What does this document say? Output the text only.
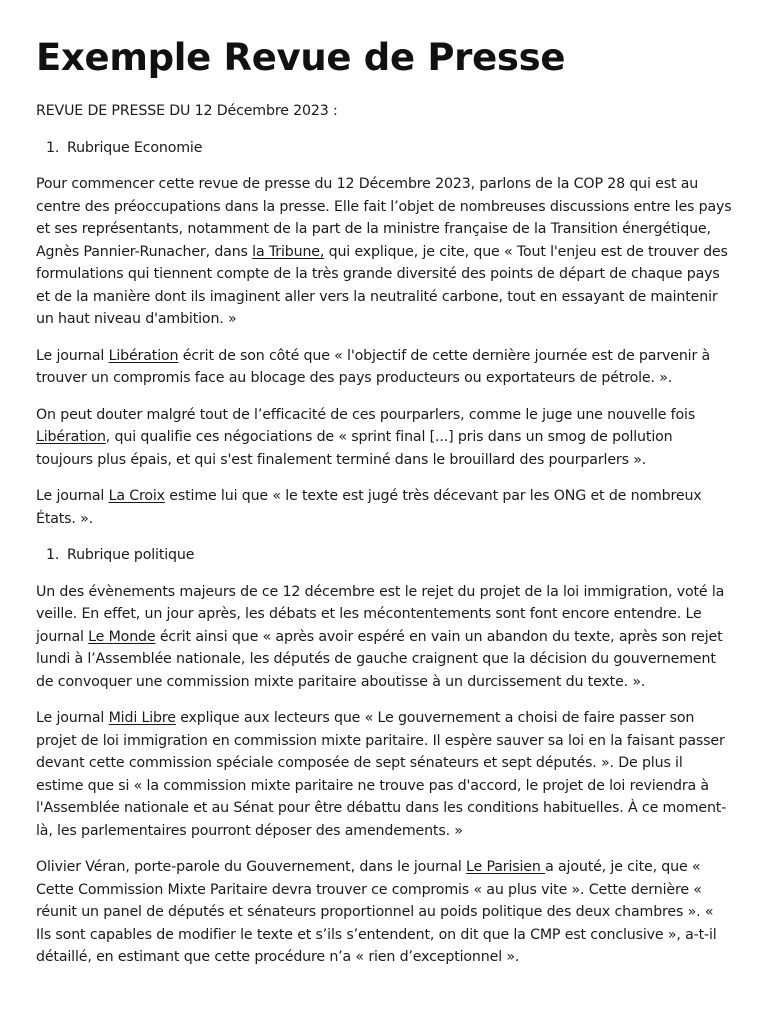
Exemple Revue de Presse

REVUE DE PRESSE DU 12 Décembre 2023 :

1. Rubrique Economie

Pour commencer cette revue de presse du 12 Décembre 2023, parlons de la COP 28 qui est au centre des préoccupations dans la presse. Elle fait l’objet de nombreuses discussions entre les pays et ses représentants, notamment de la part de la ministre française de la Transition énergétique, Agnès Pannier-Runacher, dans la Tribune, qui explique, je cite, que « Tout l'enjeu est de trouver des formulations qui tiennent compte de la très grande diversité des points de départ de chaque pays et de la manière dont ils imaginent aller vers la neutralité carbone, tout en essayant de maintenir un haut niveau d'ambition. »

Le journal Libération écrit de son côté que « l'objectif de cette dernière journée est de parvenir à trouver un compromis face au blocage des pays producteurs ou exportateurs de pétrole. ».

On peut douter malgré tout de l’efficacité de ces pourparlers, comme le juge une nouvelle fois Libération, qui qualifie ces négociations de « sprint final [...] pris dans un smog de pollution toujours plus épais, et qui s'est finalement terminé dans le brouillard des pourparlers ».

Le journal La Croix estime lui que « le texte est jugé très décevant par les ONG et de nombreux États. ».

1. Rubrique politique

Un des évènements majeurs de ce 12 décembre est le rejet du projet de la loi immigration, voté la veille. En effet, un jour après, les débats et les mécontentements sont font encore entendre. Le journal Le Monde écrit ainsi que « après avoir espéré en vain un abandon du texte, après son rejet lundi à l’Assemblée nationale, les députés de gauche craignent que la décision du gouvernement de convoquer une commission mixte paritaire aboutisse à un durcissement du texte. ».

Le journal Midi Libre explique aux lecteurs que « Le gouvernement a choisi de faire passer son projet de loi immigration en commission mixte paritaire. Il espère sauver sa loi en la faisant passer devant cette commission spéciale composée de sept sénateurs et sept députés. ». De plus il estime que si « la commission mixte paritaire ne trouve pas d'accord, le projet de loi reviendra à l'Assemblée nationale et au Sénat pour être débattu dans les conditions habituelles. À ce moment-là, les parlementaires pourront déposer des amendements. »

Olivier Véran, porte-parole du Gouvernement, dans le journal Le Parisien a ajouté, je cite, que « Cette Commission Mixte Paritaire devra trouver ce compromis « au plus vite ». Cette dernière « réunit un panel de députés et sénateurs proportionnel au poids politique des deux chambres ». « Ils sont capables de modifier le texte et s’ils s’entendent, on dit que la CMP est conclusive », a-t-il détaillé, en estimant que cette procédure n’a « rien d’exceptionnel ».
